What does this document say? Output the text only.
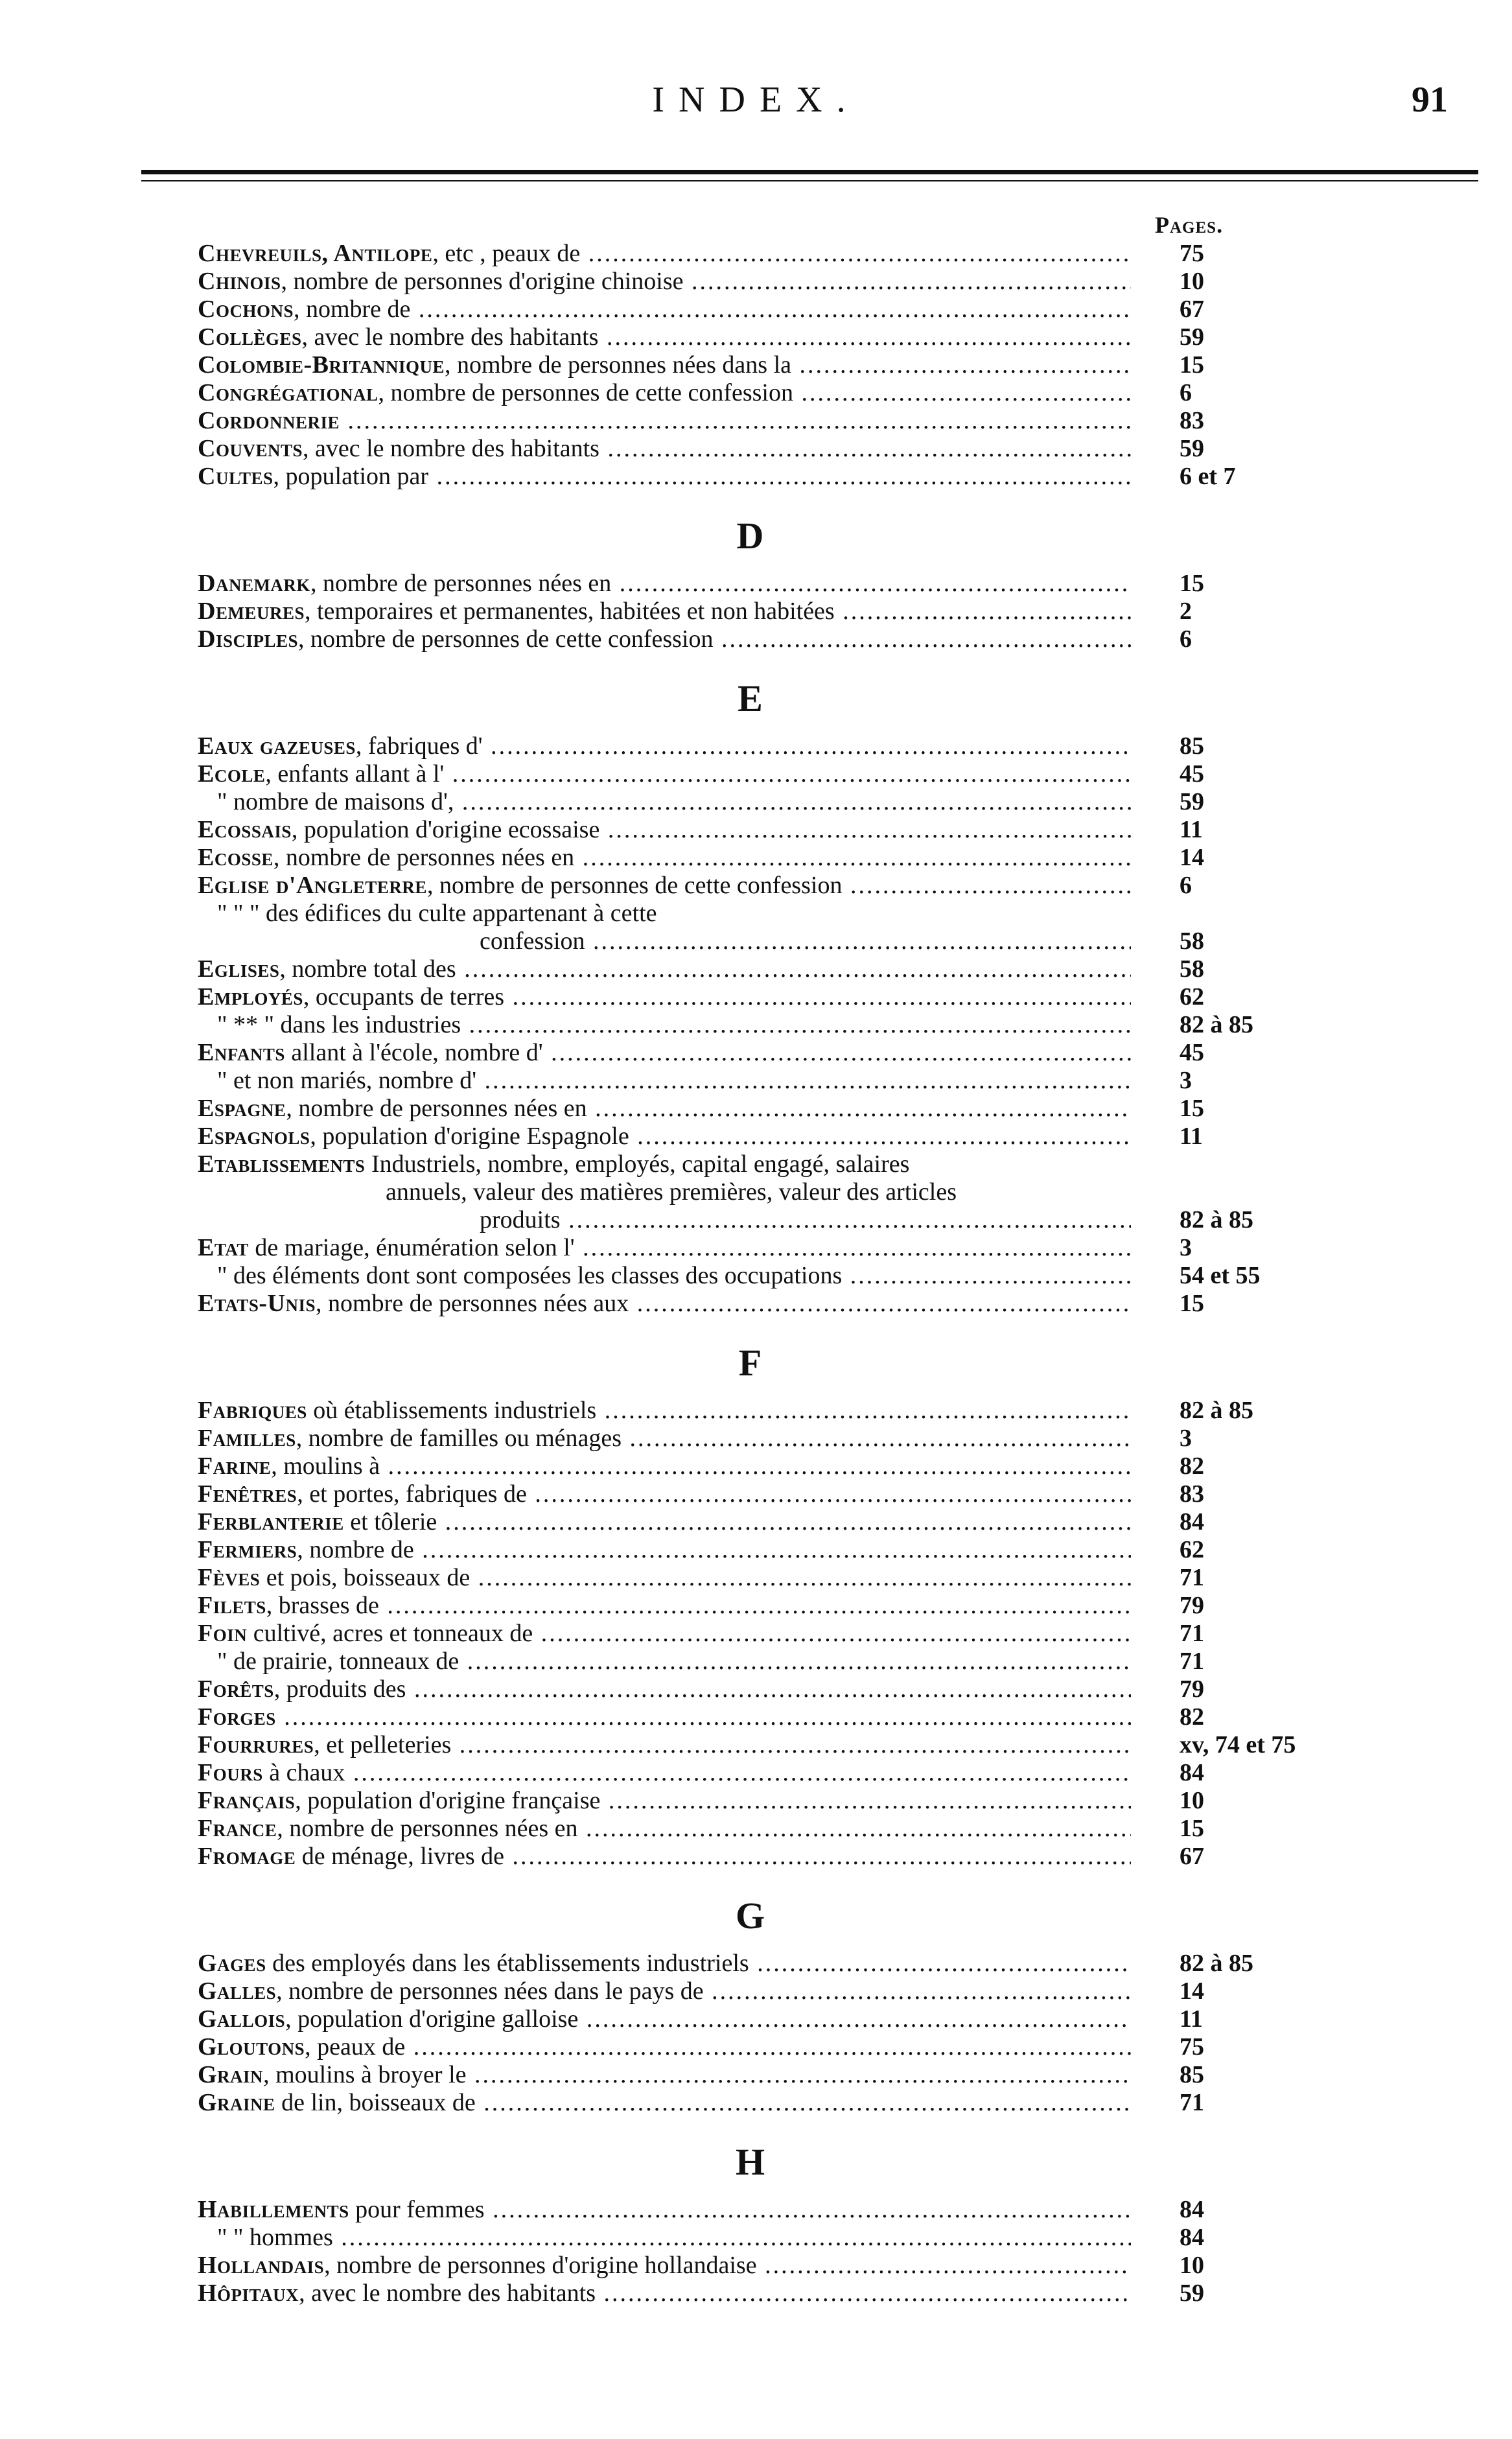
INDEX.	91
Pages.
Chevreuils, Antilope, etc , peaux de .....	75
Chinois, nombre de personnes d'origine chinoise .....	10
Cochons, nombre de .....	67
Collèges, avec le nombre des habitants .....	59
Colombie-Britannique, nombre de personnes nées dans la .....	15
Congrégational, nombre de personnes de cette confession .....	6
Cordonnerie .....	83
Couvents, avec le nombre des habitants .....	59
Cultes, population par .....	6 et 7
D
Danemark, nombre de personnes nées en .....	15
Demeures, temporaires et permanentes, habitées et non habitées .....	2
Disciples, nombre de personnes de cette confession .....	6
E
Eaux gazeuses, fabriques d' .....	85
Ecole, enfants allant à l' .....	45
" nombre de maisons d', .....	59
Ecossais, population d'origine ecossaise .....	11
Ecosse, nombre de personnes nées en .....	14
Eglise d'Angleterre, nombre de personnes de cette confession .....	6
" " " des édifices du culte appartenant à cette
confession .....	58
Eglises, nombre total des .....	58
Employés, occupants de terres .....	62
" ** " dans les industries .....	82 à 85
Enfants allant à l'école, nombre d' .....	45
" et non mariés, nombre d' .....	3
Espagne, nombre de personnes nées en .....	15
Espagnols, population d'origine Espagnole .....	11
Etablissements Industriels, nombre, employés, capital engagé, salaires
annuels, valeur des matières premières, valeur des articles
produits .....	82 à 85
Etat de mariage, énumération selon l' .....	3
" des éléments dont sont composées les classes des occupations .....	54 et 55
Etats-Unis, nombre de personnes nées aux .....	15
F
Fabriques où établissements industriels .....	82 à 85
Familles, nombre de familles ou ménages .....	3
Farine, moulins à .....	82
Fenêtres, et portes, fabriques de .....	83
Ferblanterie et tôlerie .....	84
Fermiers, nombre de .....	62
Fèves et pois, boisseaux de .....	71
Filets, brasses de .....	79
Foin cultivé, acres et tonneaux de .....	71
" de prairie, tonneaux de .....	71
Forêts, produits des .....	79
Forges .....	82
Fourrures, et pelleteries .....	xv, 74 et 75
Fours à chaux .....	84
Français, population d'origine française .....	10
France, nombre de personnes nées en .....	15
Fromage de ménage, livres de .....	67
G
Gages des employés dans les établissements industriels .....	82 à 85
Galles, nombre de personnes nées dans le pays de .....	14
Gallois, population d'origine galloise .....	11
Gloutons, peaux de .....	75
Grain, moulins à broyer le .....	85
Graine de lin, boisseaux de .....	71
H
Habillements pour femmes .....	84
" " hommes .....	84
Hollandais, nombre de personnes d'origine hollandaise .....	10
Hôpitaux, avec le nombre des habitants .....	59
